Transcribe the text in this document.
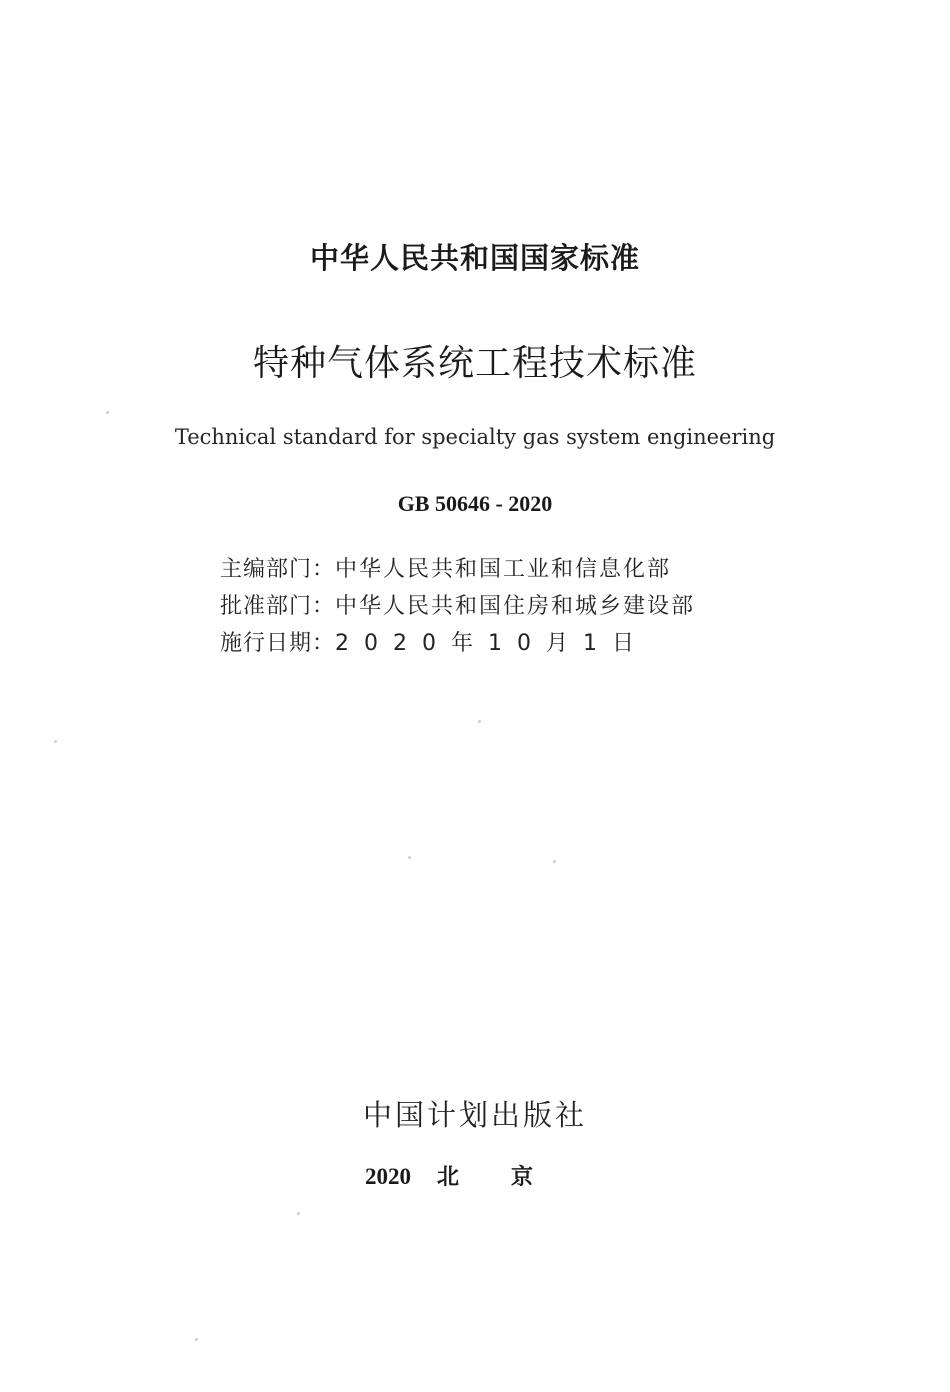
中华人民共和国国家标准
特种气体系统工程技术标准
Technical standard for specialty gas system engineering
GB 50646 - 2020
主编部门：中华人民共和国工业和信息化部
批准部门：中华人民共和国住房和城乡建设部
施行日期：2020年10月1日
中国计划出版社
2020 北京
